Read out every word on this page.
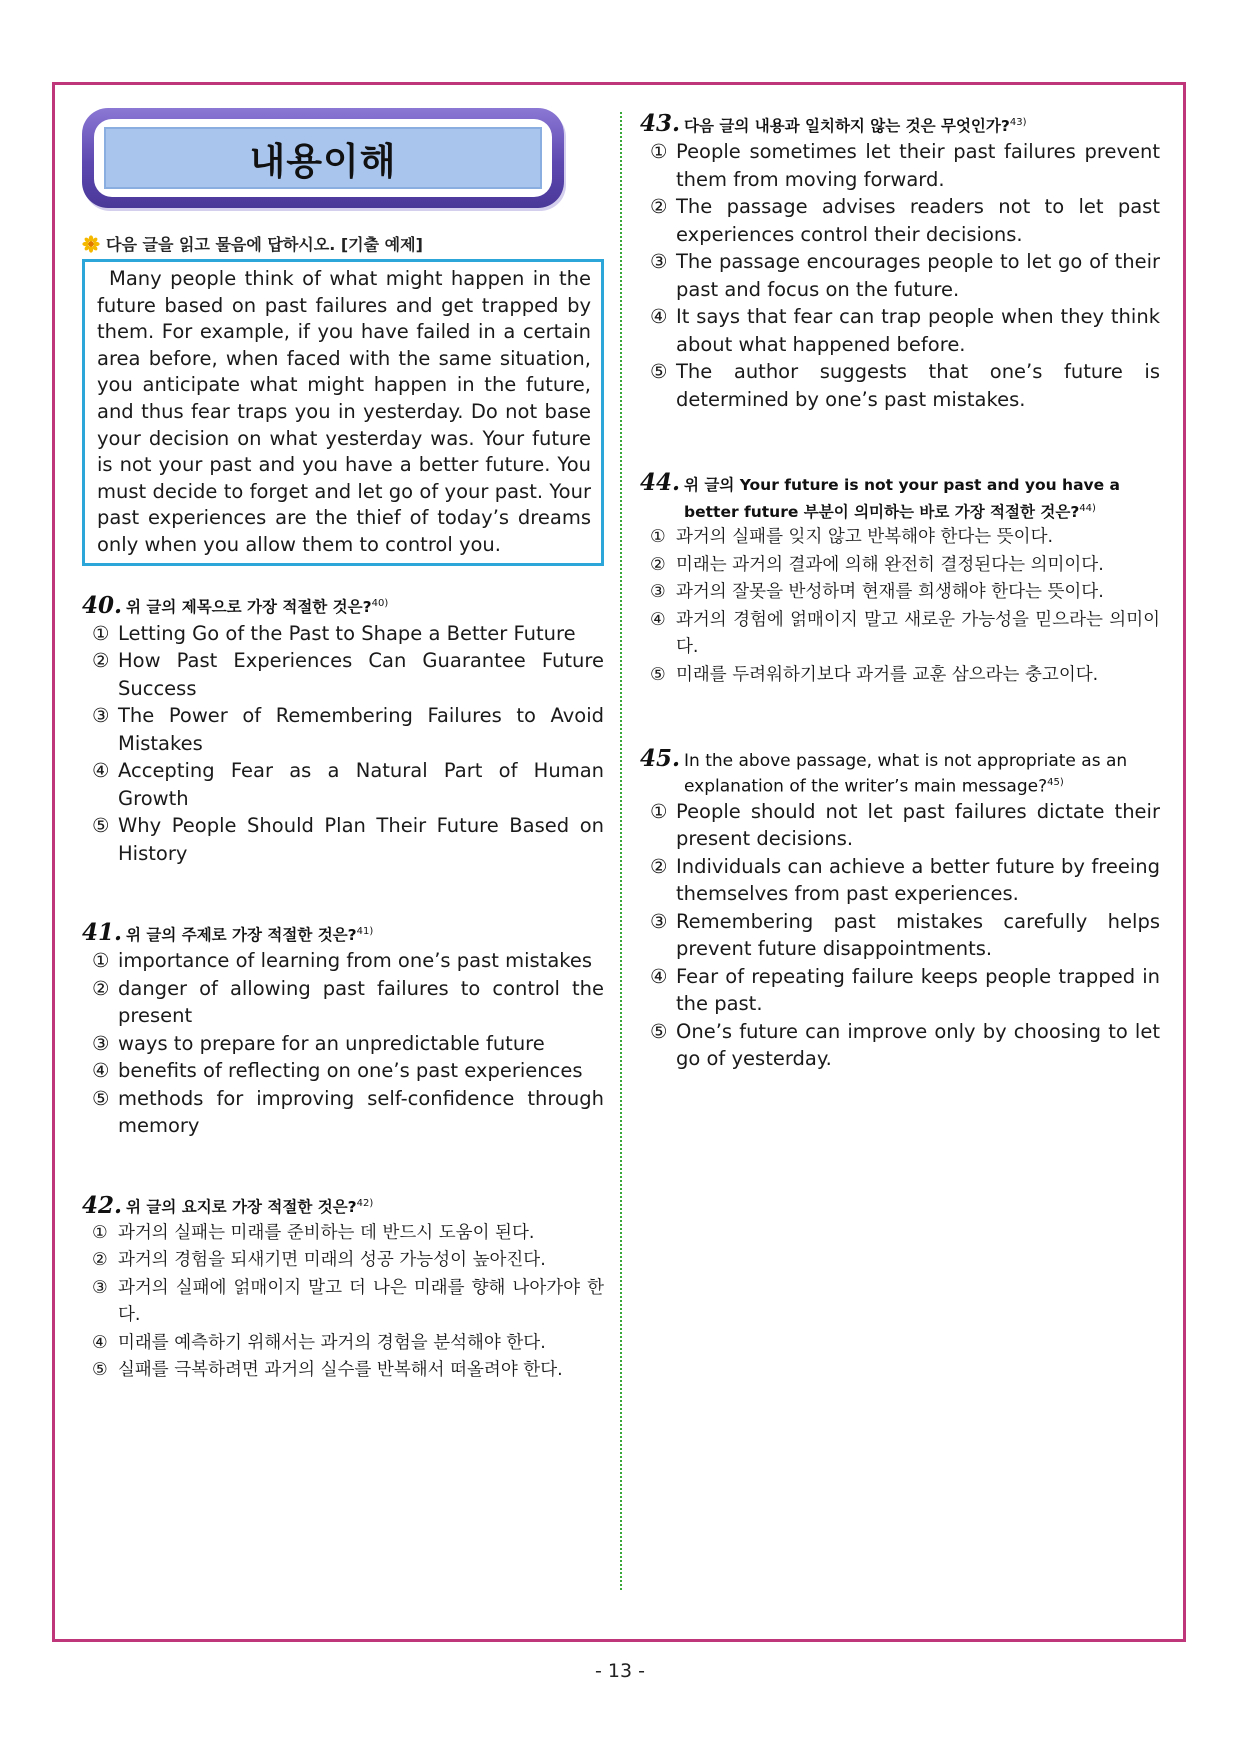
내용이해
다음 글을 읽고 물음에 답하시오. [기출 예제]
Many people think of what might happen in the future based on past failures and get trapped by them. For example, if you have failed in a certain area before, when faced with the same situation, you anticipate what might happen in the future, and thus fear traps you in yesterday. Do not base your decision on what yesterday was. Your future is not your past and you have a better future. You must decide to forget and let go of your past. Your past experiences are the thief of today’s dreams only when you allow them to control you.
40. 위 글의 제목으로 가장 적절한 것은?$^{40)}$
① Letting Go of the Past to Shape a Better Future
② How Past Experiences Can Guarantee Future Success
③ The Power of Remembering Failures to Avoid Mistakes
④ Accepting Fear as a Natural Part of Human Growth
⑤ Why People Should Plan Their Future Based on History
41. 위 글의 주제로 가장 적절한 것은?$^{41)}$
① importance of learning from one’s past mistakes
② danger of allowing past failures to control the present
③ ways to prepare for an unpredictable future
④ benefits of reflecting on one’s past experiences
⑤ methods for improving self-confidence through memory
42. 위 글의 요지로 가장 적절한 것은?$^{42)}$
① 과거의 실패는 미래를 준비하는 데 반드시 도움이 된다.
② 과거의 경험을 되새기면 미래의 성공 가능성이 높아진다.
③ 과거의 실패에 얽매이지 말고 더 나은 미래를 향해 나아가야 한다.
④ 미래를 예측하기 위해서는 과거의 경험을 분석해야 한다.
⑤ 실패를 극복하려면 과거의 실수를 반복해서 떠올려야 한다.
43. 다음 글의 내용과 일치하지 않는 것은 무엇인가?$^{43)}$
① People sometimes let their past failures prevent them from moving forward.
② The passage advises readers not to let past experiences control their decisions.
③ The passage encourages people to let go of their past and focus on the future.
④ It says that fear can trap people when they think about what happened before.
⑤ The author suggests that one’s future is determined by one’s past mistakes.
44. 위 글의 Your future is not your past and you have a better future 부분이 의미하는 바로 가장 적절한 것은?$^{44)}$
① 과거의 실패를 잊지 않고 반복해야 한다는 뜻이다.
② 미래는 과거의 결과에 의해 완전히 결정된다는 의미이다.
③ 과거의 잘못을 반성하며 현재를 희생해야 한다는 뜻이다.
④ 과거의 경험에 얽매이지 말고 새로운 가능성을 믿으라는 의미이다.
⑤ 미래를 두려워하기보다 과거를 교훈 삼으라는 충고이다.
45. In the above passage, what is not appropriate as an explanation of the writer’s main message?$^{45)}$
① People should not let past failures dictate their present decisions.
② Individuals can achieve a better future by freeing themselves from past experiences.
③ Remembering past mistakes carefully helps prevent future disappointments.
④ Fear of repeating failure keeps people trapped in the past.
⑤ One’s future can improve only by choosing to let go of yesterday.
- 13 -
